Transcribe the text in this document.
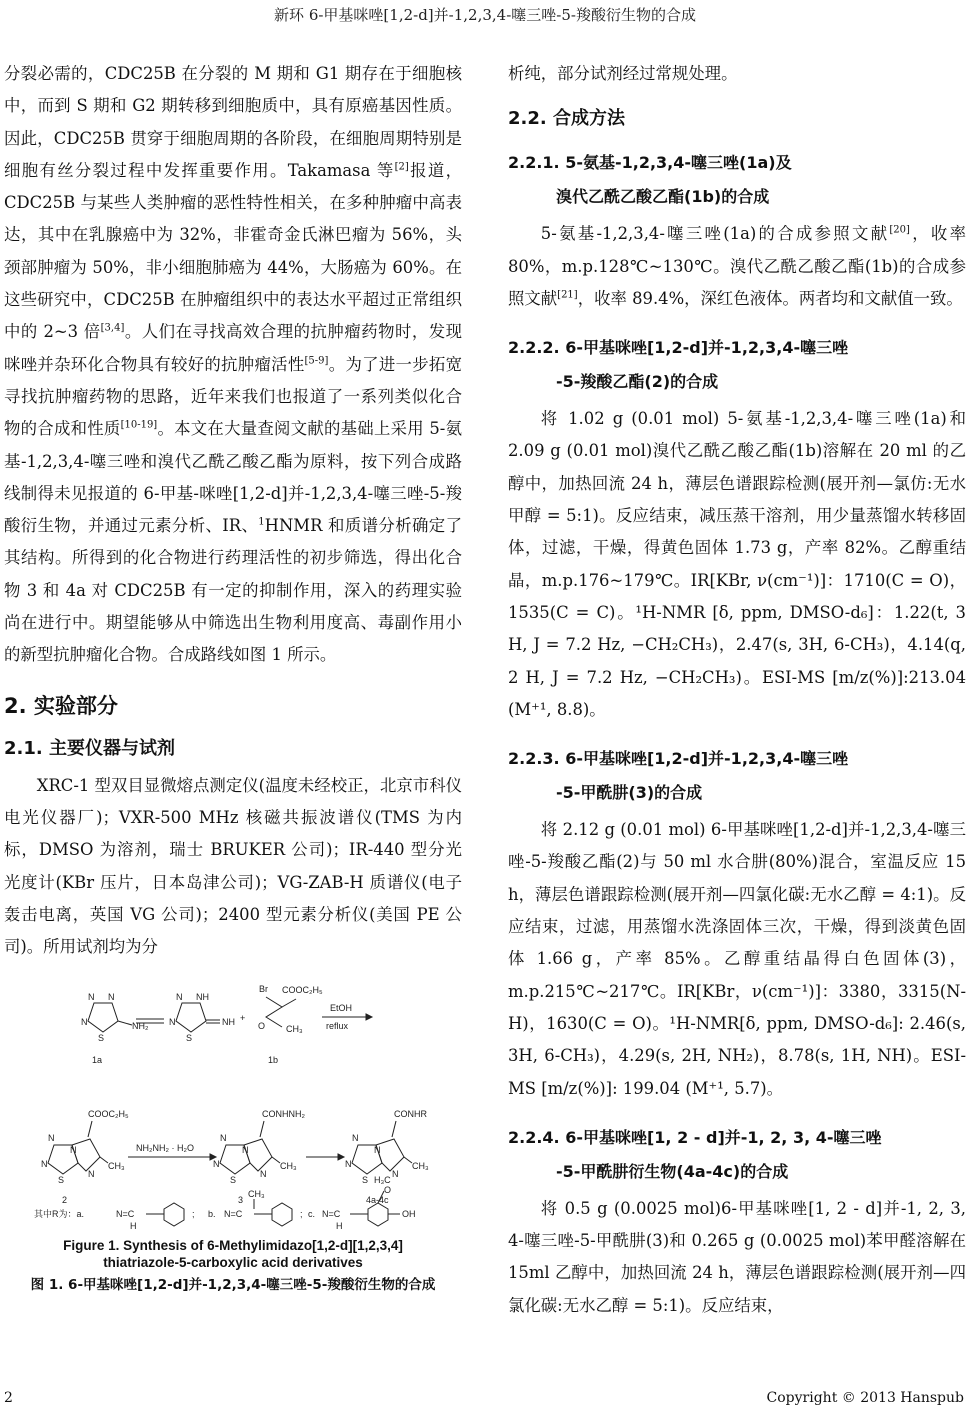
新环 6-甲基咪唑[1,2-d]并-1,2,3,4-噻三唑-5-羧酸衍生物的合成

分裂必需的，CDC25B 在分裂的 M 期和 G1 期存在于细胞核中，而到 S 期和 G2 期转移到细胞质中，具有原癌基因性质。因此，CDC25B 贯穿于细胞周期的各阶段，在细胞周期特别是细胞有丝分裂过程中发挥重要作用。Takamasa 等[2]报道，CDC25B 与某些人类肿瘤的恶性特性相关，在多种肿瘤中高表达，其中在乳腺癌中为 32%，非霍奇金氏淋巴瘤为 56%，头颈部肿瘤为 50%，非小细胞肺癌为 44%，大肠癌为 60%。在这些研究中，CDC25B 在肿瘤组织中的表达水平超过正常组织中的 2~3 倍[3,4]。人们在寻找高效合理的抗肿瘤药物时，发现咪唑并杂环化合物具有较好的抗肿瘤活性[5-9]。为了进一步拓宽寻找抗肿瘤药物的思路，近年来我们也报道了一系列类似化合物的合成和性质[10-19]。本文在大量查阅文献的基础上采用 5-氨基-1,2,3,4-噻三唑和溴代乙酰乙酸乙酯为原料，按下列合成路线制得未见报道的 6-甲基-咪唑[1,2-d]并-1,2,3,4-噻三唑-5-羧酸衍生物，并通过元素分析、IR、$^1$HNMR 和质谱分析确定了其结构。所得到的化合物进行药理活性的初步筛选，得出化合物 3 和 4a 对 CDC25B 有一定的抑制作用，深入的药理实验尚在进行中。期望能够从中筛选出生物利用度高、毒副作用小的新型抗肿瘤化合物。合成路线如图 1 所示。

2. 实验部分
2.1. 主要仪器与试剂

XRC-1 型双目显微熔点测定仪(温度未经校正，北京市科仪电光仪器厂)；VXR-500 MHz 核磁共振波谱仪(TMS 为内标，DMSO 为溶剂，瑞士 BRUKER 公司)；IR-440 型分光光度计(KBr 压片，日本岛津公司)；VG-ZAB-H 质谱仪(电子轰击电离，英国 VG 公司)；2400 型元素分析仪(美国 PE 公司)。所用试剂均为分

N N
N
S
NH₂
1a
N NH
N
S
NH +
Br COOC₂H₅
O CH₃
1b
EtOH
reflux
N
N
S
N
N
COOC₂H₅
CH₃
2
NH₂NH₂ · H₂O
N
N
S
N
N
CONHNH₂
CH₃
3
N
N
S
N
N
CONHR
CH₃
4a-4c
其中R为：a.	N=C
H
; b. N=C
CH₃
; c. N=C
H
H₃C
O
OH
Figure 1. Synthesis of 6-Methylimidazo[1,2-d][1,2,3,4]
thiatriazole-5-carboxylic acid derivatives
图 1. 6-甲基咪唑[1,2-d]并-1,2,3,4-噻三唑-5-羧酸衍生物的合成

析纯，部分试剂经过常规处理。

2.2. 合成方法
2.2.1. 5-氨基-1,2,3,4-噻三唑(1a)及
溴代乙酰乙酸乙酯(1b)的合成

5-氨基-1,2,3,4-噻三唑(1a)的合成参照文献[20]，收率 80%，m.p.128℃~130℃。溴代乙酰乙酸乙酯(1b)的合成参照文献[21]，收率 89.4%，深红色液体。两者均和文献值一致。

2.2.2. 6-甲基咪唑[1,2-d]并-1,2,3,4-噻三唑
-5-羧酸乙酯(2)的合成

将 1.02 g (0.01 mol) 5-氨基-1,2,3,4-噻三唑(1a)和 2.09 g (0.01 mol)溴代乙酰乙酸乙酯(1b)溶解在 20 ml 的乙醇中，加热回流 24 h，薄层色谱跟踪检测(展开剂—氯仿:无水甲醇 = 5:1)。反应结束，减压蒸干溶剂，用少量蒸馏水转移固体，过滤，干燥，得黄色固体 1.73 g，产率 82%。乙醇重结晶，m.p.176~179℃。IR[KBr, ν(cm⁻¹)]：1710(C = O)，1535(C = C)。¹H-NMR [δ, ppm, DMSO-d₆]：1.22(t, 3 H, J = 7.2 Hz, −CH₂CH₃)，2.47(s, 3H, 6-CH₃)，4.14(q, 2 H, J = 7.2 Hz, −CH₂CH₃)。ESI-MS [m/z(%)]:213.04 (M⁺¹, 8.8)。

2.2.3. 6-甲基咪唑[1,2-d]并-1,2,3,4-噻三唑
-5-甲酰肼(3)的合成

将 2.12 g (0.01 mol) 6-甲基咪唑[1,2-d]并-1,2,3,4-噻三唑-5-羧酸乙酯(2)与 50 ml 水合肼(80%)混合，室温反应 15 h，薄层色谱跟踪检测(展开剂—四氯化碳:无水乙醇 = 4:1)。反应结束，过滤，用蒸馏水洗涤固体三次，干燥，得到淡黄色固体 1.66 g，产率 85%。乙醇重结晶得白色固体(3)，m.p.215℃~217℃。IR[KBr，ν(cm⁻¹)]：3380，3315(N-H)，1630(C = O)。¹H-NMR[δ, ppm, DMSO-d₆]: 2.46(s, 3H, 6-CH₃)，4.29(s, 2H, NH₂)，8.78(s, 1H, NH)。ESI-MS [m/z(%)]: 199.04 (M⁺¹, 5.7)。

2.2.4. 6-甲基咪唑[1, 2 - d]并-1, 2, 3, 4-噻三唑
-5-甲酰肼衍生物(4a-4c)的合成

将 0.5 g (0.0025 mol)6-甲基咪唑[1, 2 - d]并-1, 2, 3, 4-噻三唑-5-甲酰肼(3)和 0.265 g (0.0025 mol)苯甲醛溶解在 15ml 乙醇中，加热回流 24 h，薄层色谱跟踪检测(展开剂—四氯化碳:无水乙醇 = 5:1)。反应结束，

2	Copyright © 2013 Hanspub
